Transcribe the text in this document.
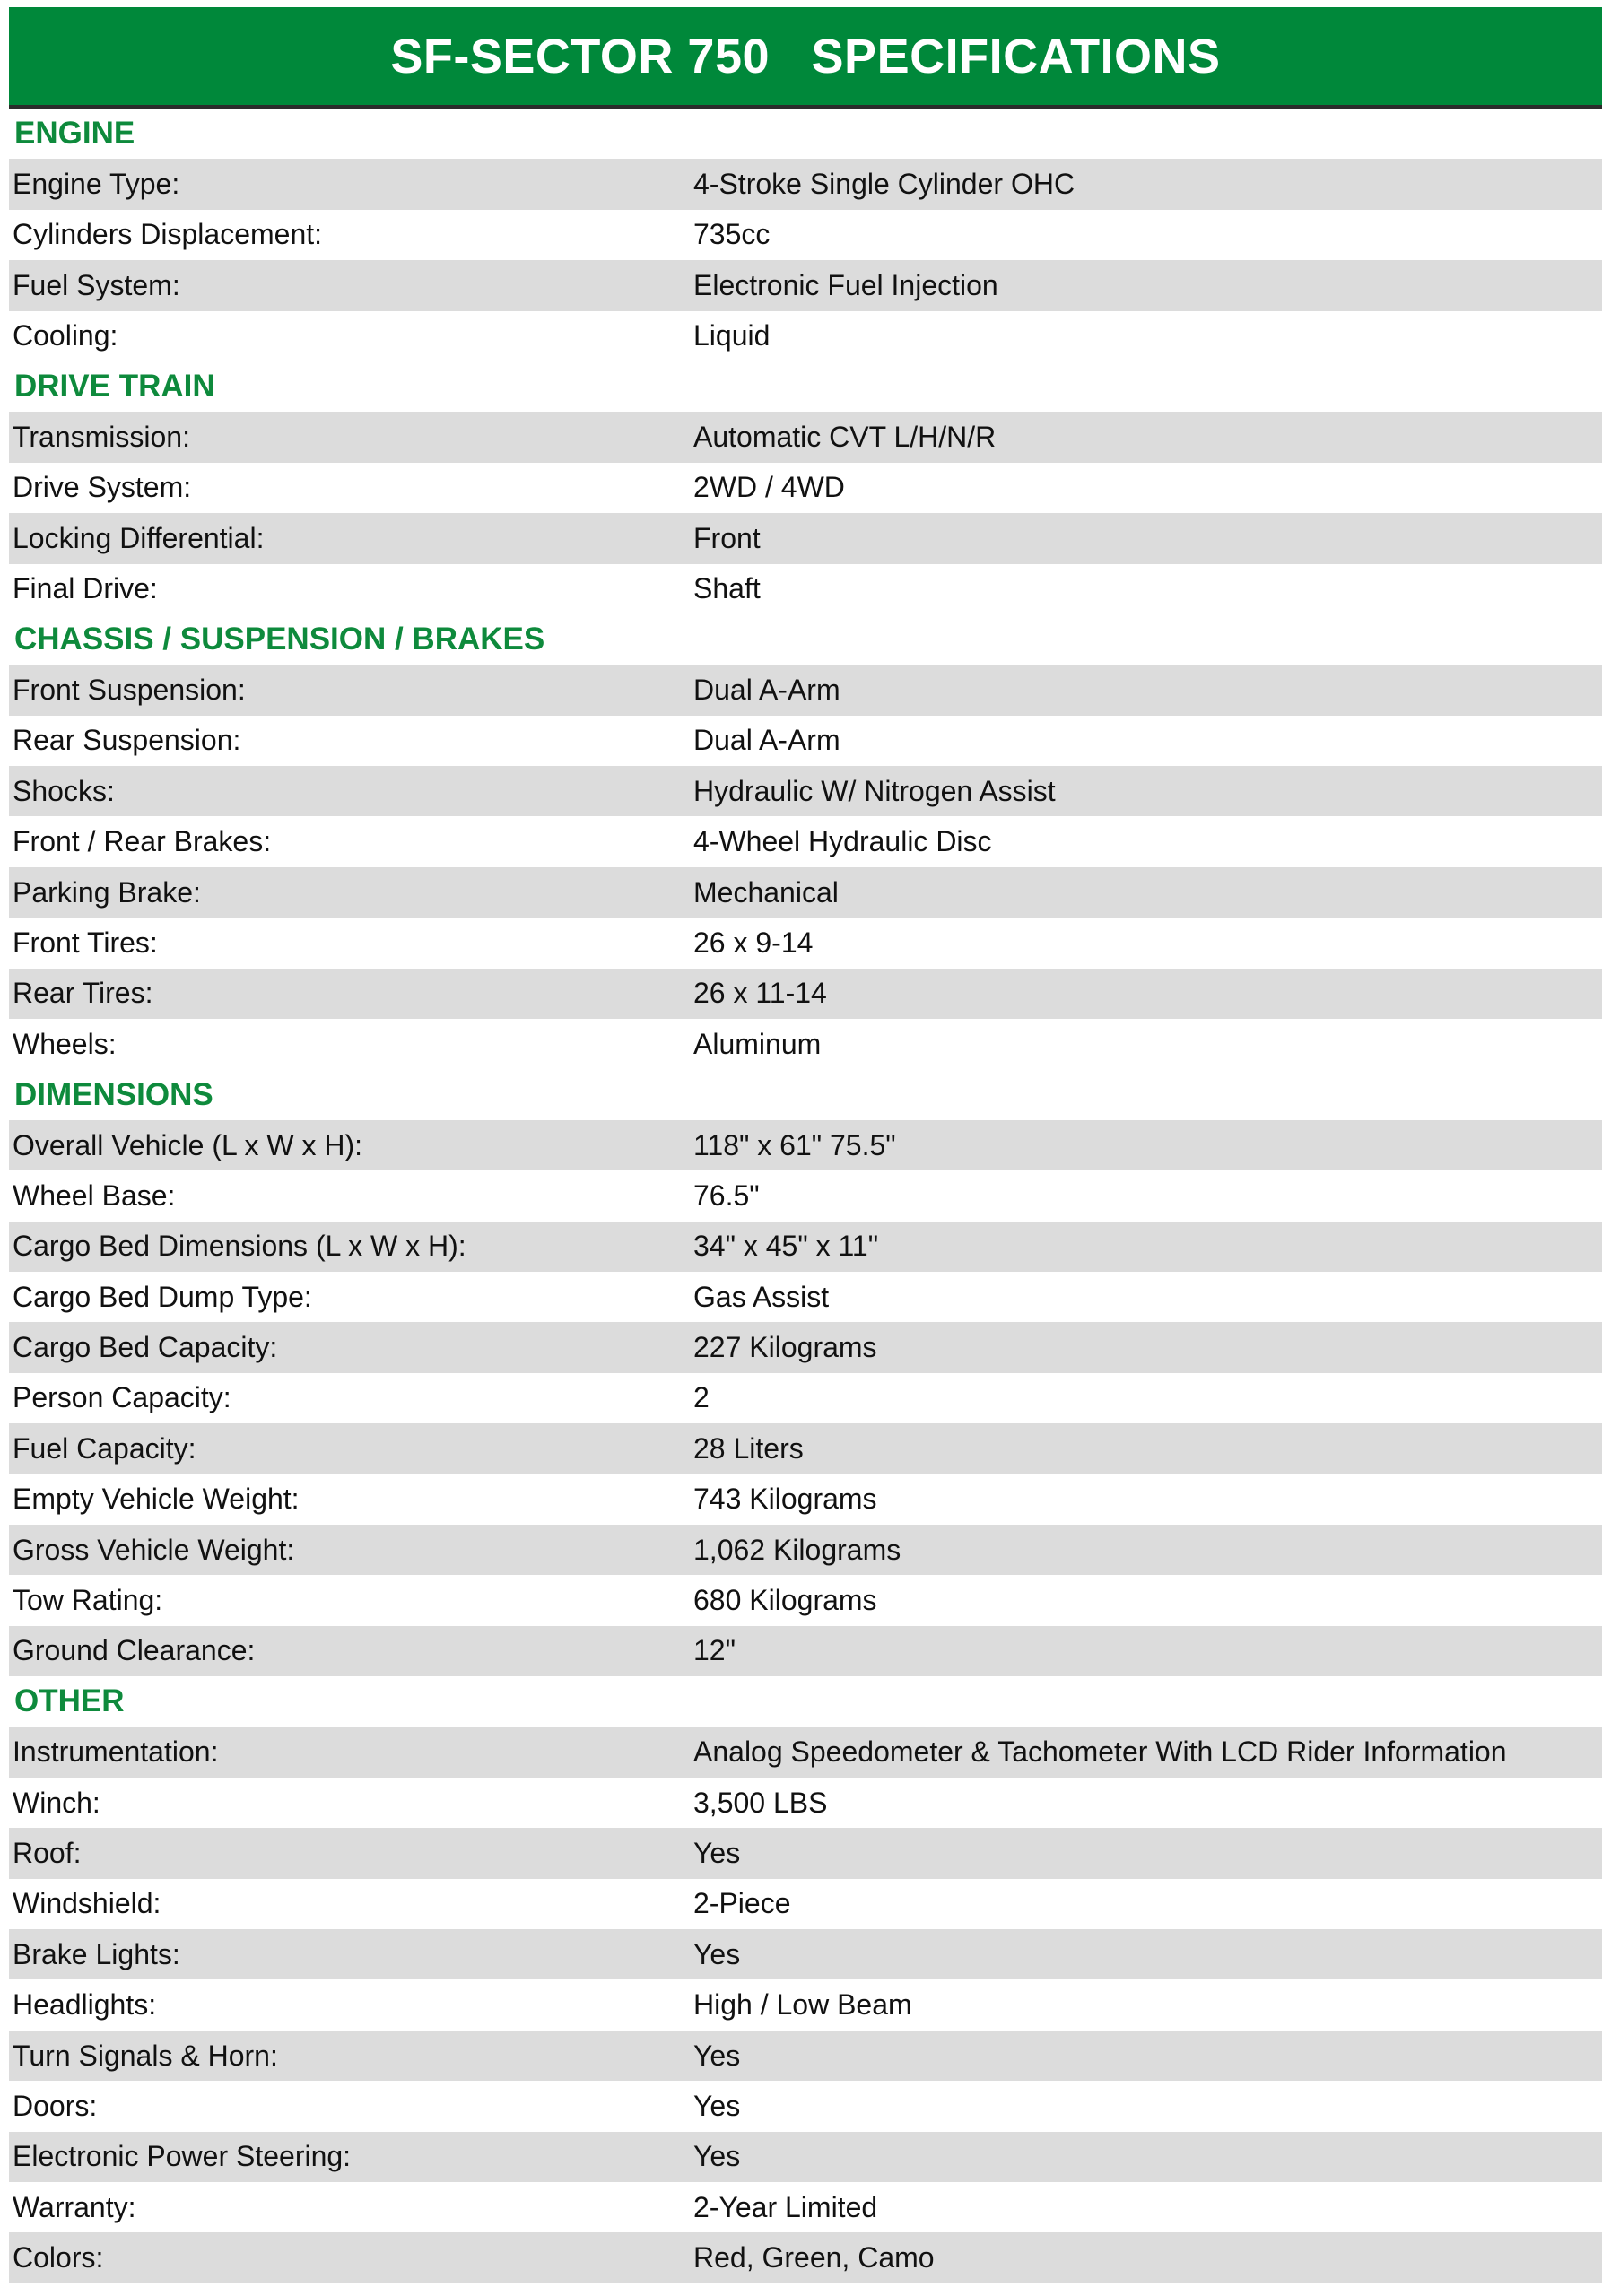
SF-SECTOR 750   SPECIFICATIONS
ENGINE
Engine Type:	4-Stroke Single Cylinder OHC
Cylinders Displacement:	735cc
Fuel System:	Electronic Fuel Injection
Cooling:	Liquid
DRIVE TRAIN
Transmission:	Automatic CVT L/H/N/R
Drive System:	2WD / 4WD
Locking Differential:	Front
Final Drive:	Shaft
CHASSIS / SUSPENSION / BRAKES
Front Suspension:	Dual A-Arm
Rear Suspension:	Dual A-Arm
Shocks:	Hydraulic W/ Nitrogen Assist
Front / Rear Brakes:	4-Wheel Hydraulic Disc
Parking Brake:	Mechanical
Front Tires:	26 x 9-14
Rear Tires:	26 x 11-14
Wheels:	Aluminum
DIMENSIONS
Overall Vehicle (L x W x H):	118" x 61" 75.5"
Wheel Base:	76.5"
Cargo Bed Dimensions (L x W x H):	34" x 45" x 11"
Cargo Bed Dump Type:	Gas Assist
Cargo Bed Capacity:	227 Kilograms
Person Capacity:	2
Fuel Capacity:	28 Liters
Empty Vehicle Weight:	743 Kilograms
Gross Vehicle Weight:	1,062 Kilograms
Tow Rating:	680 Kilograms
Ground Clearance:	12"
OTHER
Instrumentation:	Analog Speedometer & Tachometer With LCD Rider Information
Winch:	3,500 LBS
Roof:	Yes
Windshield:	2-Piece
Brake Lights:	Yes
Headlights:	High / Low Beam
Turn Signals & Horn:	Yes
Doors:	Yes
Electronic Power Steering:	Yes
Warranty:	2-Year Limited
Colors:	Red, Green, Camo
